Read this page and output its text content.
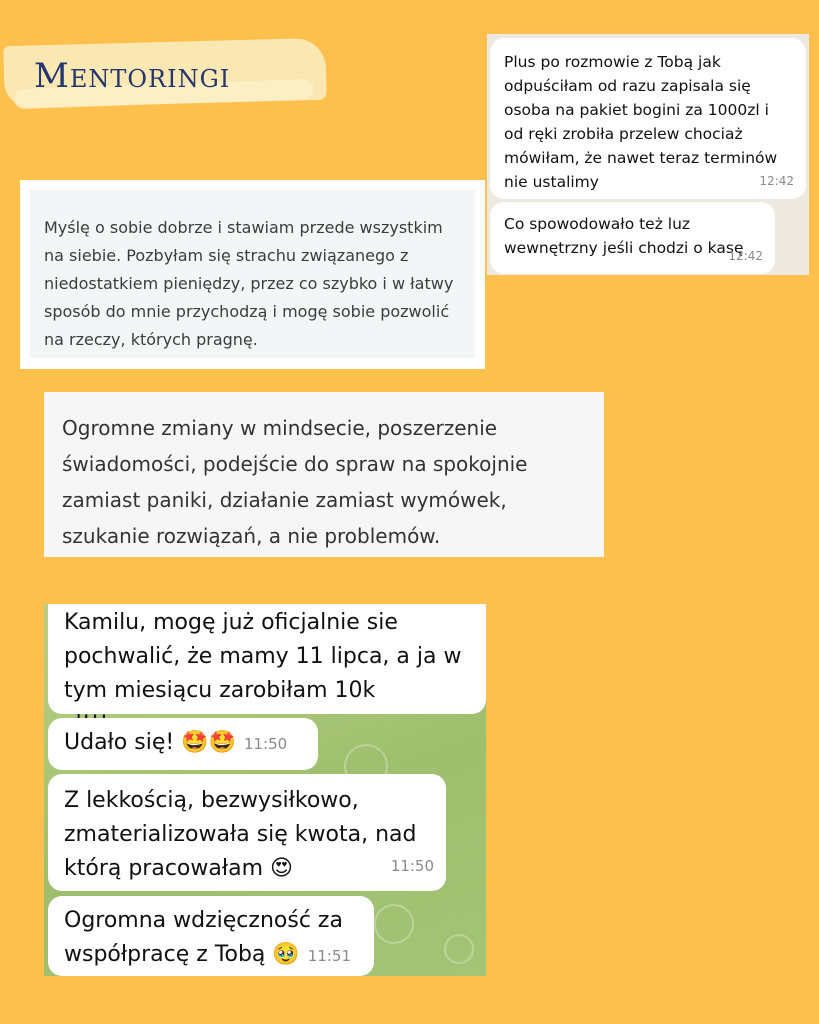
Mentoringi	Plus po rozmowie z Tobą jak odpuściłam od razu zapisala się osoba na pakiet bogini za 1000zl i od ręki zrobiła przelew chociaż mówiłam, że nawet teraz terminów nie ustalimy	12:42
Co spowodowało też luz wewnętrzny jeśli chodzi o kasę
12:42
Myślę o sobie dobrze i stawiam przede wszystkim na siebie. Pozbyłam się strachu związanego z niedostatkiem pieniędzy, przez co szybko i w łatwy sposób do mnie przychodzą i mogę sobie pozwolić na rzeczy, których pragnę.
Ogromne zmiany w mindsecie, poszerzenie świadomości, podejście do spraw na spokojnie zamiast paniki, działanie zamiast wymówek, szukanie rozwiązań, a nie problemów.
Kamilu, mogę już oficjalnie sie pochwalić, że mamy 11 lipca, a ja w tym miesiącu zarobiłam 10k
Udało się! 🤩🤩 11:50
Z lekkością, bezwysiłkowo, zmaterializowała się kwota, nad którą pracowałam 😍	11:50
Ogromna wdzięczność za współpracę z Tobą 🥹 11:51
